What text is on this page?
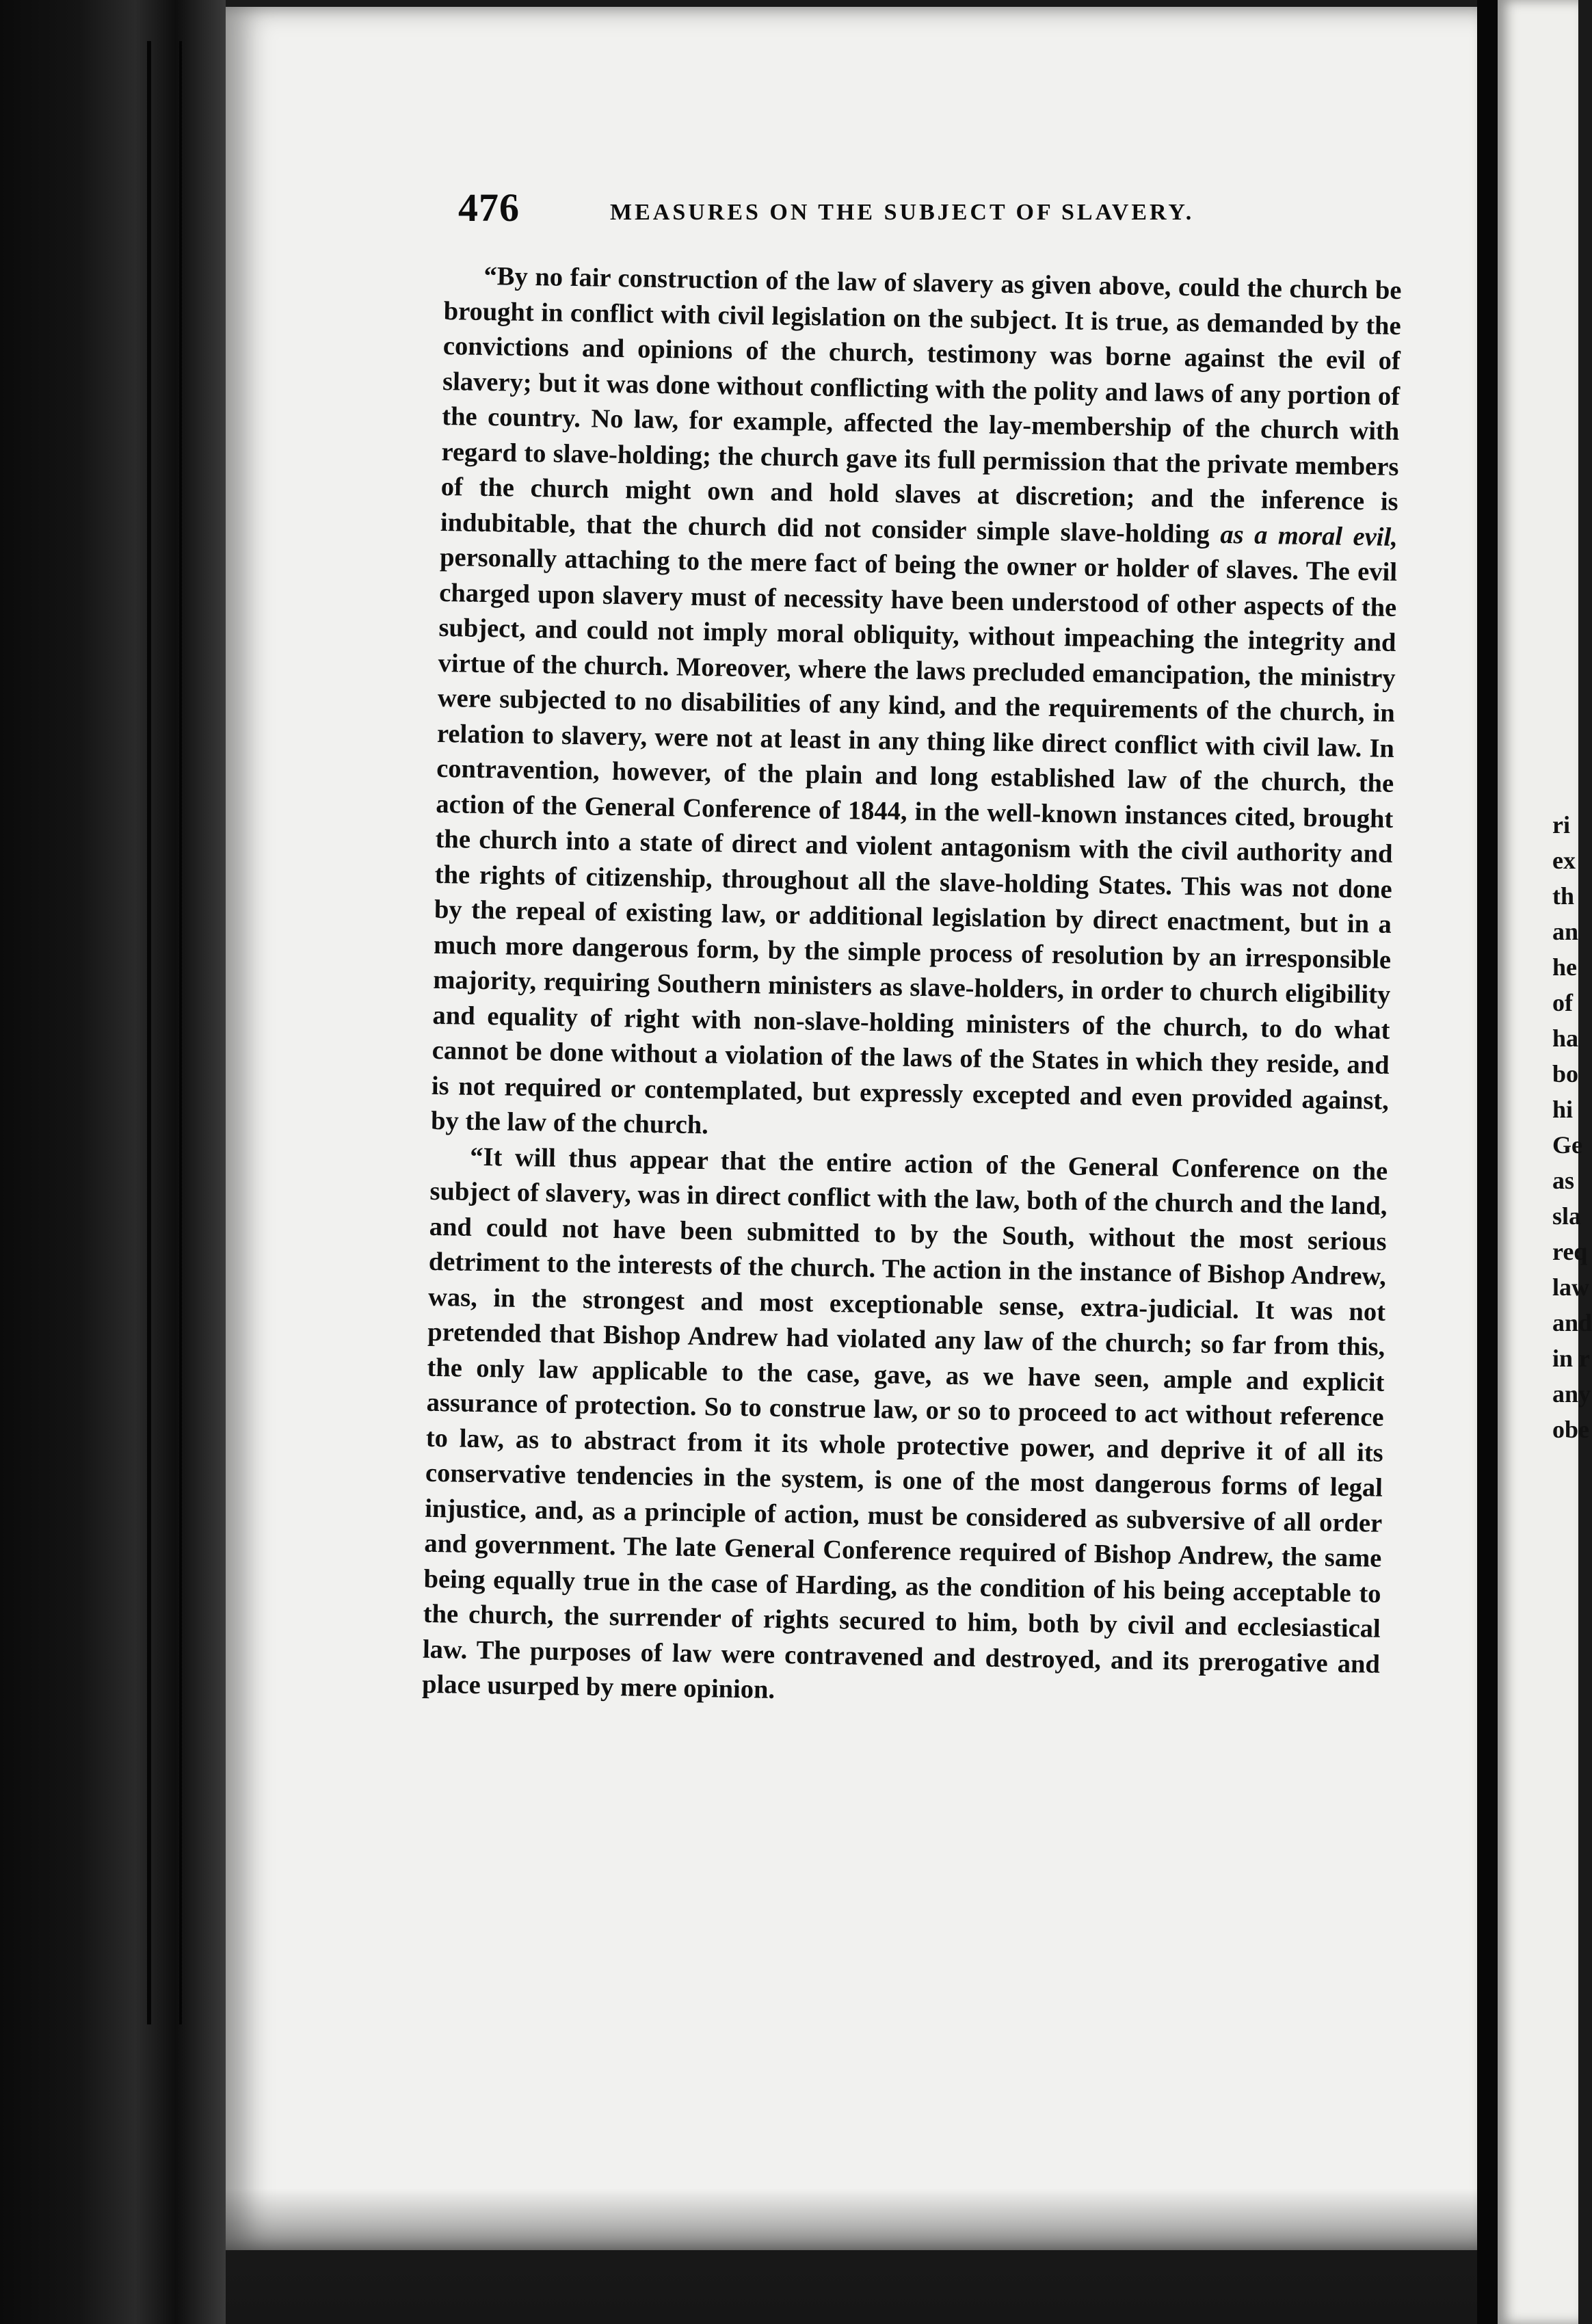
ri
ex
th
an
he
of
ha
bo
hi
Ge
as
sla
req
law
and
in r
any
obe
476	MEASURES ON THE SUBJECT OF SLAVERY.

“By no fair construction of the law of slavery as given above, could the church be brought in conflict with civil legislation on the subject. It is true, as demanded by the convictions and opinions of the church, testimony was borne against the evil of slavery; but it was done without conflicting with the polity and laws of any portion of the country. No law, for example, affected the lay-membership of the church with regard to slave-holding; the church gave its full permission that the private members of the church might own and hold slaves at discretion; and the inference is indubitable, that the church did not consider simple slave-holding as a moral evil, personally attaching to the mere fact of being the owner or holder of slaves. The evil charged upon slavery must of necessity have been understood of other aspects of the subject, and could not imply moral obliquity, without impeaching the integrity and virtue of the church. Moreover, where the laws precluded emancipation, the ministry were subjected to no disabilities of any kind, and the requirements of the church, in relation to slavery, were not at least in any thing like direct conflict with civil law. In contravention, however, of the plain and long established law of the church, the action of the General Conference of 1844, in the well-known instances cited, brought the church into a state of direct and violent antagonism with the civil authority and the rights of citizenship, throughout all the slave-holding States. This was not done by the repeal of existing law, or additional legislation by direct enactment, but in a much more dangerous form, by the simple process of resolution by an irresponsible majority, requiring Southern ministers as slave-holders, in order to church eligibility and equality of right with non-slave-holding ministers of the church, to do what cannot be done without a violation of the laws of the States in which they reside, and is not required or contemplated, but expressly excepted and even provided against, by the law of the church.

“It will thus appear that the entire action of the General Conference on the subject of slavery, was in direct conflict with the law, both of the church and the land, and could not have been submitted to by the South, without the most serious detriment to the interests of the church. The action in the instance of Bishop Andrew, was, in the strongest and most exceptionable sense, extra-judicial. It was not pretended that Bishop Andrew had violated any law of the church; so far from this, the only law applicable to the case, gave, as we have seen, ample and explicit assurance of protection. So to construe law, or so to proceed to act without reference to law, as to abstract from it its whole protective power, and deprive it of all its conservative tendencies in the system, is one of the most dangerous forms of legal injustice, and, as a principle of action, must be considered as subversive of all order and government. The late General Conference required of Bishop Andrew, the same being equally true in the case of Harding, as the condition of his being acceptable to the church, the surrender of rights secured to him, both by civil and ecclesiastical law. The purposes of law were contravened and destroyed, and its prerogative and place usurped by mere opinion.
